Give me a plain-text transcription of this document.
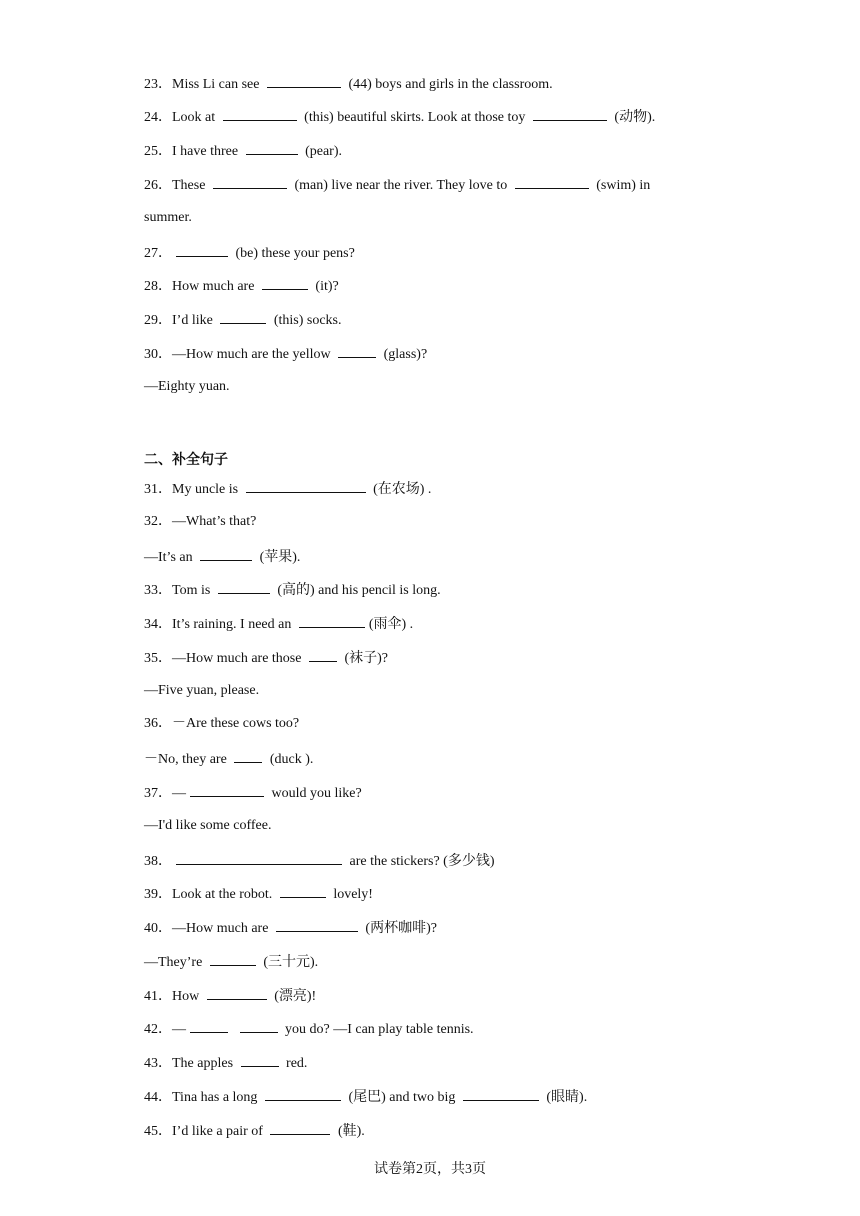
23．Miss Li can see	(44) boys and girls in the classroom.
24．Look at	(this) beautiful skirts. Look at those toy	(动物).
25．I have three	(pear).
26．These	(man) live near the river. They love to	(swim) in
summer.
27．	(be) these your pens?
28．How much are	(it)?
29．I’d like	(this) socks.
30．—How much are the yellow	(glass)?
—Eighty yuan.
二、补全句子
31．My uncle is	(在农场) .
32．—What’s that?
—It’s an	(苹果).
33．Tom is	(高的) and his pencil is long.
34．It’s raining. I need an	(雨伞) .
35．—How much are those	(袜子)?
—Five yuan, please.
36．－Are these cows too?
－No, they are	(duck ).
37．—	would you like?
—I'd like some coffee.
38．	are the stickers? (多少钱)
39．Look at the robot.	lovely!
40．—How much are	(两杯咖啡)?
—They’re	(三十元).
41．How	(漂亮)!
42．—	you do? —I can play table tennis.
43．The apples	red.
44．Tina has a long	(尾巴) and two big	(眼睛).
45．I’d like a pair of	(鞋).
试卷第2页，共3页
